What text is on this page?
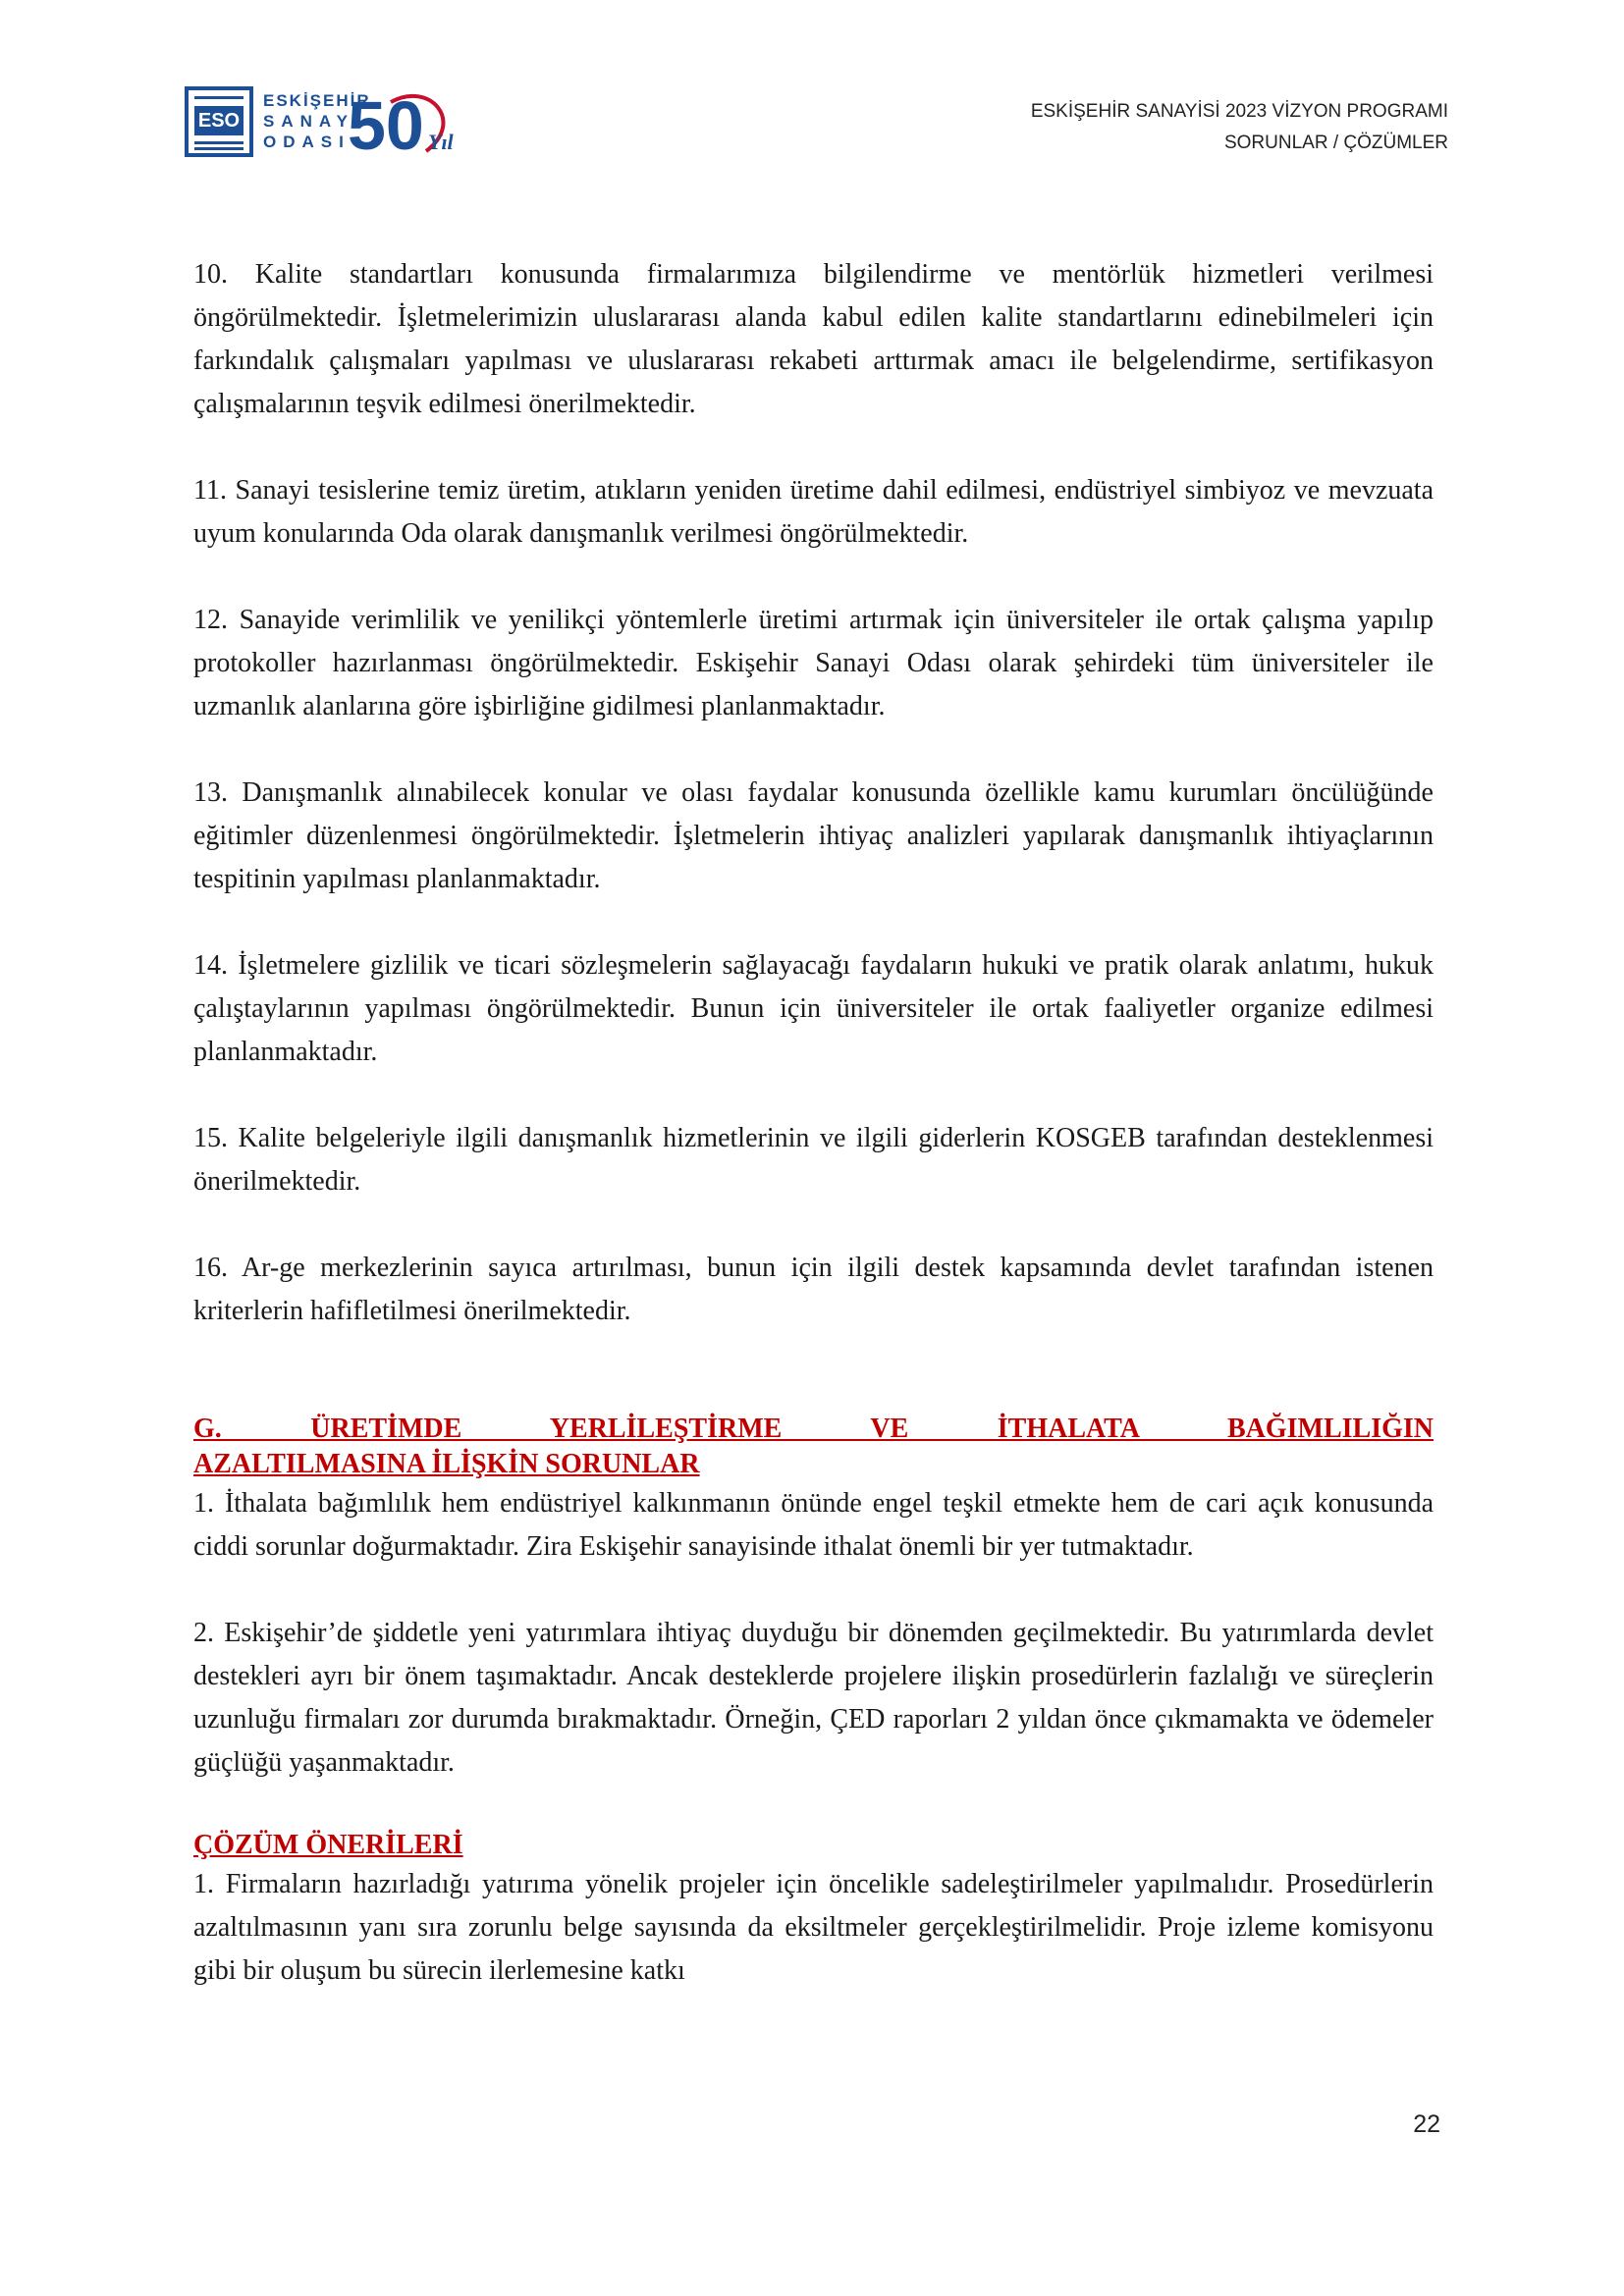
ESO
ESKİŞEHİR
SANAYİ
ODASI
50 Yıl
ESKİŞEHİR SANAYİSİ 2023 VİZYON PROGRAMI
SORUNLAR / ÇÖZÜMLER

10. Kalite standartları konusunda firmalarımıza bilgilendirme ve mentörlük hizmetleri verilmesi öngörülmektedir. İşletmelerimizin uluslararası alanda kabul edilen kalite standartlarını edinebilmeleri için farkındalık çalışmaları yapılması ve uluslararası rekabeti arttırmak amacı ile belgelendirme, sertifikasyon çalışmalarının teşvik edilmesi önerilmektedir.

11. Sanayi tesislerine temiz üretim, atıkların yeniden üretime dahil edilmesi, endüstriyel simbiyoz ve mevzuata uyum konularında Oda olarak danışmanlık verilmesi öngörülmektedir.

12. Sanayide verimlilik ve yenilikçi yöntemlerle üretimi artırmak için üniversiteler ile ortak çalışma yapılıp protokoller hazırlanması öngörülmektedir. Eskişehir Sanayi Odası olarak şehirdeki tüm üniversiteler ile uzmanlık alanlarına göre işbirliğine gidilmesi planlanmaktadır.

13. Danışmanlık alınabilecek konular ve olası faydalar konusunda özellikle kamu kurumları öncülüğünde eğitimler düzenlenmesi öngörülmektedir. İşletmelerin ihtiyaç analizleri yapılarak danışmanlık ihtiyaçlarının tespitinin yapılması planlanmaktadır.

14. İşletmelere gizlilik ve ticari sözleşmelerin sağlayacağı faydaların hukuki ve pratik olarak anlatımı, hukuk çalıştaylarının yapılması öngörülmektedir. Bunun için üniversiteler ile ortak faaliyetler organize edilmesi planlanmaktadır.

15. Kalite belgeleriyle ilgili danışmanlık hizmetlerinin ve ilgili giderlerin KOSGEB tarafından desteklenmesi önerilmektedir.

16. Ar-ge merkezlerinin sayıca artırılması, bunun için ilgili destek kapsamında devlet tarafından istenen kriterlerin hafifletilmesi önerilmektedir.

G. ÜRETİMDE YERLİLEŞTİRME VE İTHALATA BAĞIMLILIĞIN

AZALTILMASINA İLİŞKİN SORUNLAR

1. İthalata bağımlılık hem endüstriyel kalkınmanın önünde engel teşkil etmekte hem de cari açık konusunda ciddi sorunlar doğurmaktadır. Zira Eskişehir sanayisinde ithalat önemli bir yer tutmaktadır.

2. Eskişehir’de şiddetle yeni yatırımlara ihtiyaç duyduğu bir dönemden geçilmektedir. Bu yatırımlarda devlet destekleri ayrı bir önem taşımaktadır. Ancak desteklerde projelere ilişkin prosedürlerin fazlalığı ve süreçlerin uzunluğu firmaları zor durumda bırakmaktadır. Örneğin, ÇED raporları 2 yıldan önce çıkmamakta ve ödemeler güçlüğü yaşanmaktadır.

ÇÖZÜM ÖNERİLERİ

1. Firmaların hazırladığı yatırıma yönelik projeler için öncelikle sadeleştirilmeler yapılmalıdır. Prosedürlerin azaltılmasının yanı sıra zorunlu belge sayısında da eksiltmeler gerçekleştirilmelidir. Proje izleme komisyonu gibi bir oluşum bu sürecin ilerlemesine katkı

22
